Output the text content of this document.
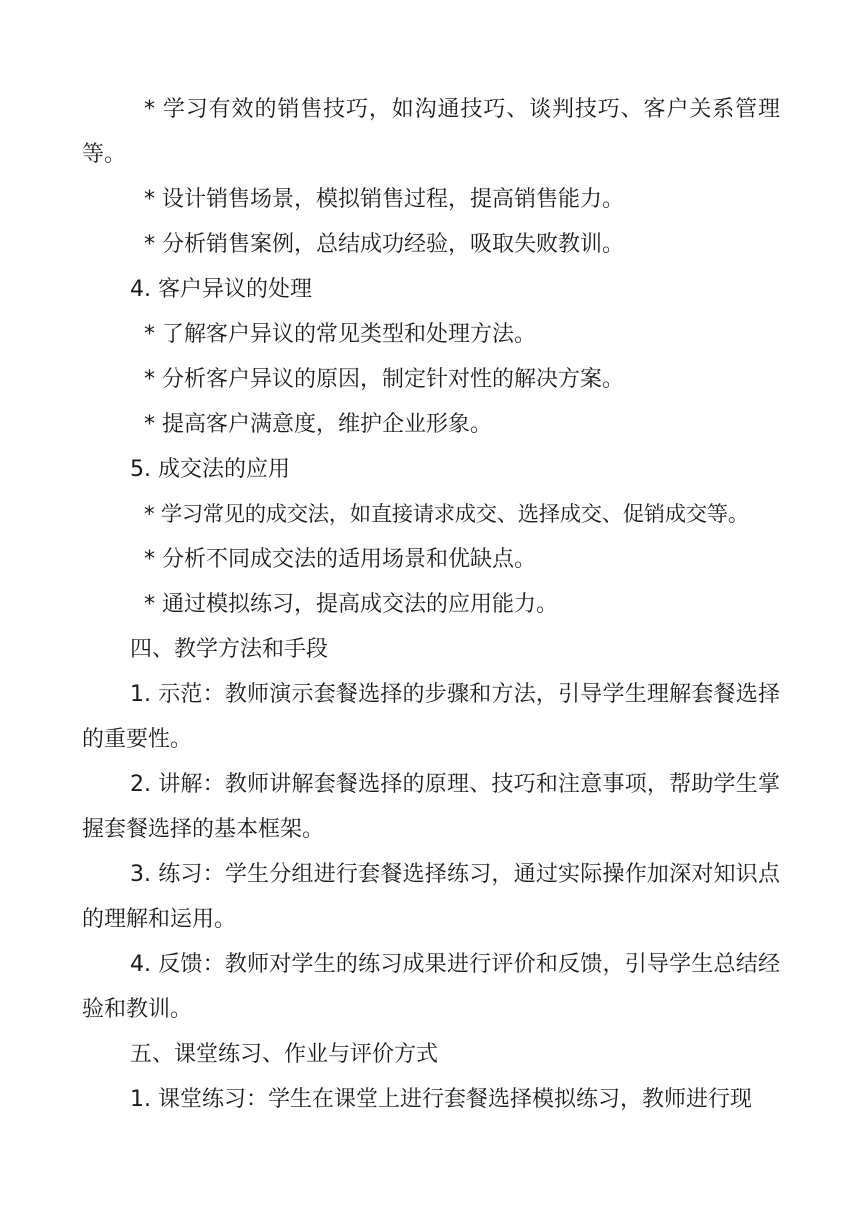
* 学习有效的销售技巧，如沟通技巧、谈判技巧、客户关系管理等。

* 设计销售场景，模拟销售过程，提高销售能力。

* 分析销售案例，总结成功经验，吸取失败教训。

4. 客户异议的处理

* 了解客户异议的常见类型和处理方法。

* 分析客户异议的原因，制定针对性的解决方案。

* 提高客户满意度，维护企业形象。

5. 成交法的应用

* 学习常见的成交法，如直接请求成交、选择成交、促销成交等。

* 分析不同成交法的适用场景和优缺点。

* 通过模拟练习，提高成交法的应用能力。

四、教学方法和手段

1. 示范：教师演示套餐选择的步骤和方法，引导学生理解套餐选择的重要性。

2. 讲解：教师讲解套餐选择的原理、技巧和注意事项，帮助学生掌握套餐选择的基本框架。

3. 练习：学生分组进行套餐选择练习，通过实际操作加深对知识点的理解和运用。

4. 反馈：教师对学生的练习成果进行评价和反馈，引导学生总结经验和教训。

五、课堂练习、作业与评价方式

1. 课堂练习：学生在课堂上进行套餐选择模拟练习，教师进行现
